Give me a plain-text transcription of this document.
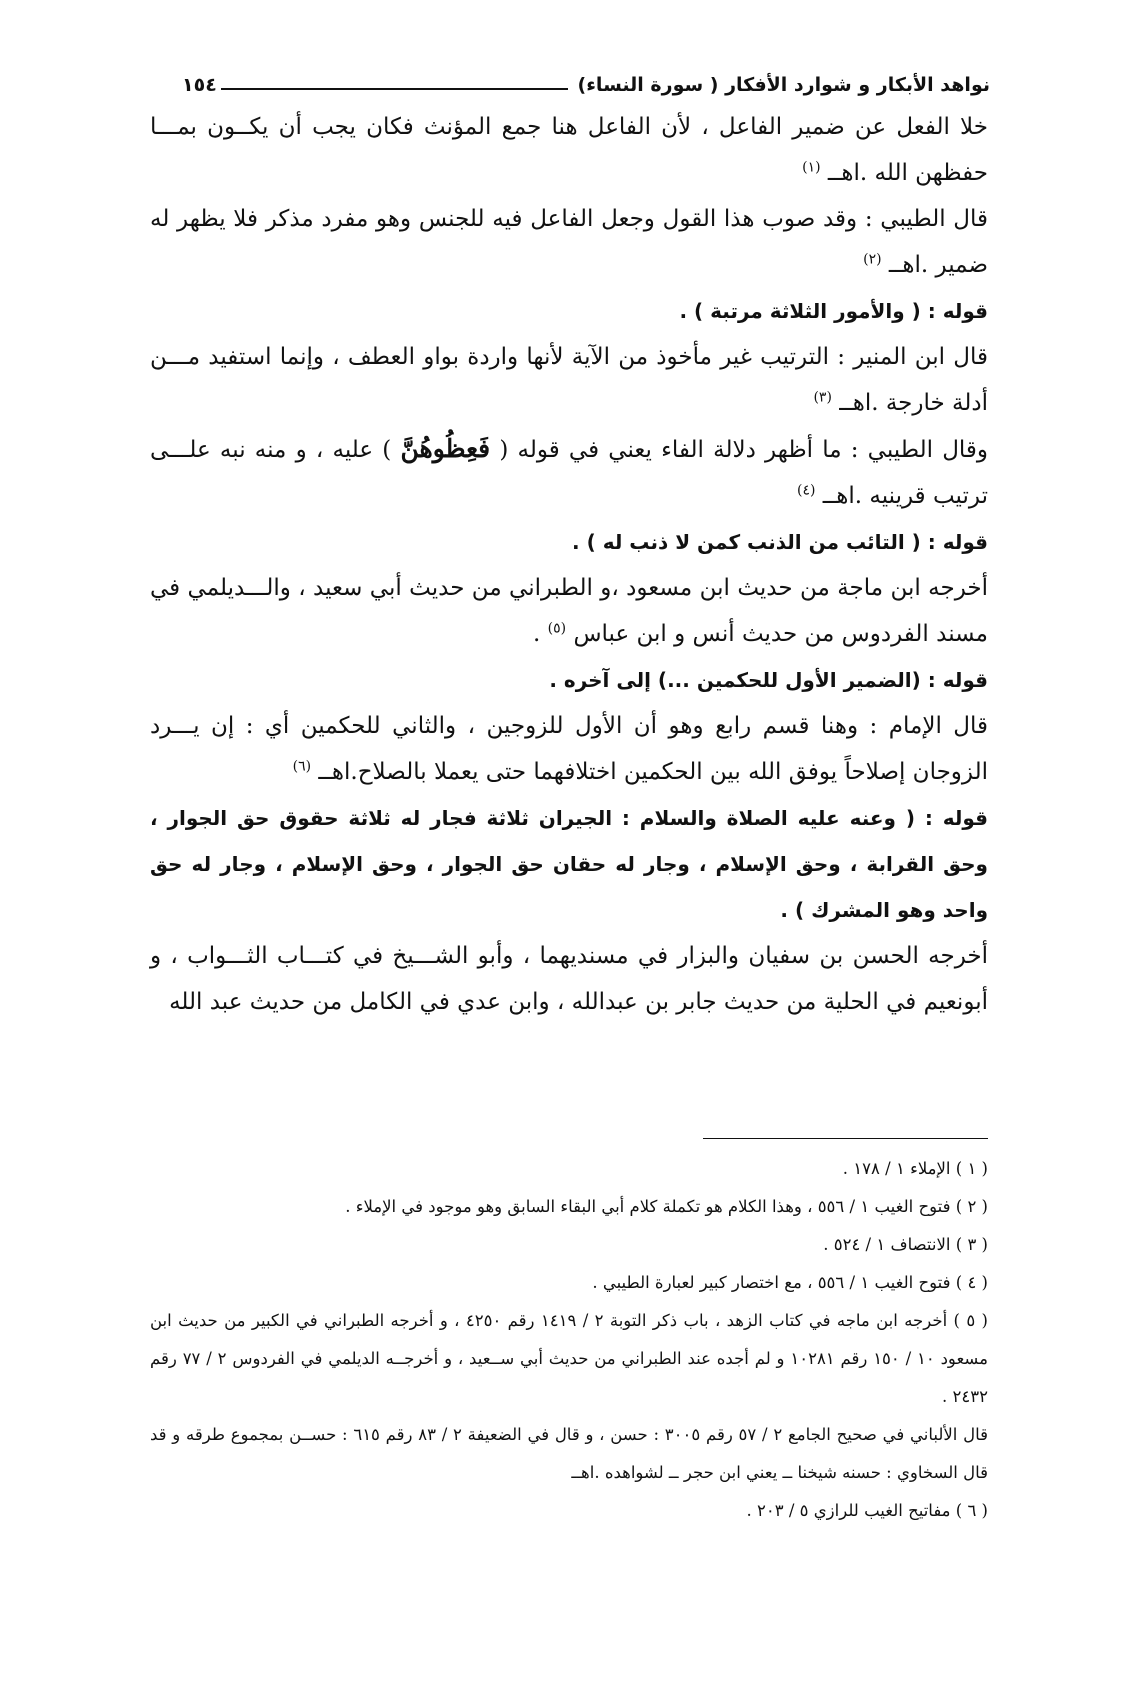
نواهد الأبكار و شوارد الأفكار ( سورة النساء)
١٥٤

خلا الفعل عن ضمير الفاعل ، لأن الفاعل هنا جمع المؤنث فكان يجب أن يكــون بمـــا حفظهن الله .اهــ $^{(١)}$

قال الطيبي : وقد صوب هذا القول وجعل الفاعل فيه للجنس وهو مفرد مذكر فلا يظهر له ضمير .اهــ $^{(٢)}$

قوله : ( والأمور الثلاثة مرتبة ) .

قال ابن المنير : الترتيب غير مأخوذ من الآية لأنها واردة بواو العطف ، وإنما استفيد مـــن أدلة خارجة .اهــ $^{(٣)}$

وقال الطيبي : ما أظهر دلالة الفاء يعني في قوله ( فَعِظُوهُنَّ ) عليه ، و منه نبه علـــى ترتيب قرينيه .اهــ $^{(٤)}$

قوله : ( التائب من الذنب كمن لا ذنب له ) .

أخرجه ابن ماجة من حديث ابن مسعود ،و الطبراني من حديث أبي سعيد ، والـــديلمي في مسند الفردوس من حديث أنس و ابن عباس $^{(٥)}$ .

قوله : (الضمير الأول للحكمين ...) إلى آخره .

قال الإمام : وهنا قسم رابع وهو أن الأول للزوجين ، والثاني للحكمين أي : إن يـــرد الزوجان إصلاحاً يوفق الله بين الحكمين اختلافهما حتى يعملا بالصلاح.اهــ $^{(٦)}$

قوله : ( وعنه عليه الصلاة والسلام : الجيران ثلاثة فجار له ثلاثة حقوق حق الجوار ، وحق القرابة ، وحق الإسلام ، وجار له حقان حق الجوار ، وحق الإسلام ، وجار له حق واحد وهو المشرك ) .

أخرجه الحسن بن سفيان والبزار في مسنديهما ، وأبو الشـــيخ في كتـــاب الثـــواب ، و أبونعيم في الحلية من حديث جابر بن عبدالله ، وابن عدي في الكامل من حديث عبد الله

( ١ ) الإملاء ١ / ١٧٨ .

( ٢ ) فتوح الغيب ١ / ٥٥٦ ، وهذا الكلام هو تكملة كلام أبي البقاء السابق وهو موجود في الإملاء .

( ٣ ) الانتصاف ١ / ٥٢٤ .

( ٤ ) فتوح الغيب ١ / ٥٥٦ ، مع اختصار كبير لعبارة الطيبي .

( ٥ ) أخرجه ابن ماجه في كتاب الزهد ، باب ذكر التوبة ٢ / ١٤١٩ رقم ٤٢٥٠ ، و أخرجه الطبراني في الكبير من حديث ابن مسعود ١٠ / ١٥٠ رقم ١٠٢٨١ و لم أجده عند الطبراني من حديث أبي ســعيد ، و أخرجــه الديلمي في الفردوس ٢ / ٧٧ رقم ٢٤٣٢ .

قال الألباني في صحيح الجامع ٢ / ٥٧ رقم ٣٠٠٥ : حسن ، و قال في الضعيفة ٢ / ٨٣ رقم ٦١٥ : حســن بمجموع طرقه و قد قال السخاوي : حسنه شيخنا ــ يعني ابن حجر ــ لشواهده .اهــ

( ٦ ) مفاتيح الغيب للرازي ٥ / ٢٠٣ .
